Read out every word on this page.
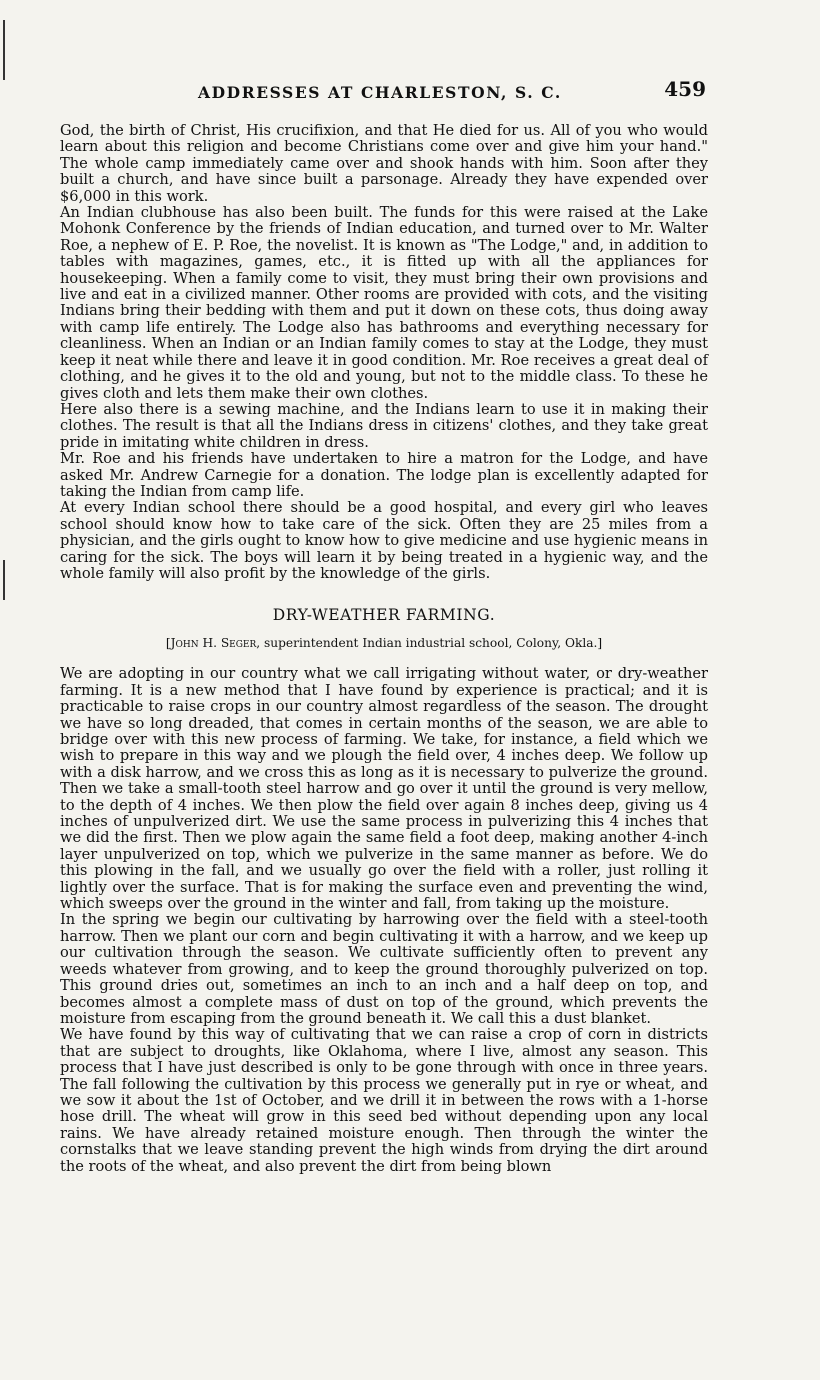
ADDRESSES AT CHARLESTON, S. C.	459

God, the birth of Christ, His crucifixion, and that He died for us. All of you who would learn about this religion and become Christians come over and give him your hand." The whole camp immediately came over and shook hands with him. Soon after they built a church, and have since built a parsonage. Already they have expended over $6,000 in this work.

An Indian clubhouse has also been built. The funds for this were raised at the Lake Mohonk Conference by the friends of Indian education, and turned over to Mr. Walter Roe, a nephew of E. P. Roe, the novelist. It is known as "The Lodge," and, in addition to tables with magazines, games, etc., it is fitted up with all the appliances for housekeeping. When a family come to visit, they must bring their own provisions and live and eat in a civilized manner. Other rooms are provided with cots, and the visiting Indians bring their bedding with them and put it down on these cots, thus doing away with camp life entirely. The Lodge also has bathrooms and everything necessary for cleanliness. When an Indian or an Indian family comes to stay at the Lodge, they must keep it neat while there and leave it in good condition. Mr. Roe receives a great deal of clothing, and he gives it to the old and young, but not to the middle class. To these he gives cloth and lets them make their own clothes.

Here also there is a sewing machine, and the Indians learn to use it in making their clothes. The result is that all the Indians dress in citizens' clothes, and they take great pride in imitating white children in dress.

Mr. Roe and his friends have undertaken to hire a matron for the Lodge, and have asked Mr. Andrew Carnegie for a donation. The lodge plan is excellently adapted for taking the Indian from camp life.

At every Indian school there should be a good hospital, and every girl who leaves school should know how to take care of the sick. Often they are 25 miles from a physician, and the girls ought to know how to give medicine and use hygienic means in caring for the sick. The boys will learn it by being treated in a hygienic way, and the whole family will also profit by the knowledge of the girls.

DRY-WEATHER FARMING.
[John H. Seger, superintendent Indian industrial school, Colony, Okla.]

We are adopting in our country what we call irrigating without water, or dry-weather farming. It is a new method that I have found by experience is practical; and it is practicable to raise crops in our country almost regardless of the season. The drought we have so long dreaded, that comes in certain months of the season, we are able to bridge over with this new process of farming. We take, for instance, a field which we wish to prepare in this way and we plough the field over, 4 inches deep. We follow up with a disk harrow, and we cross this as long as it is necessary to pulverize the ground. Then we take a small-tooth steel harrow and go over it until the ground is very mellow, to the depth of 4 inches. We then plow the field over again 8 inches deep, giving us 4 inches of unpulverized dirt. We use the same process in pulverizing this 4 inches that we did the first. Then we plow again the same field a foot deep, making another 4-inch layer unpulverized on top, which we pulverize in the same manner as before. We do this plowing in the fall, and we usually go over the field with a roller, just rolling it lightly over the surface. That is for making the surface even and preventing the wind, which sweeps over the ground in the winter and fall, from taking up the moisture.

In the spring we begin our cultivating by harrowing over the field with a steel-tooth harrow. Then we plant our corn and begin cultivating it with a harrow, and we keep up our cultivation through the season. We cultivate sufficiently often to prevent any weeds whatever from growing, and to keep the ground thoroughly pulverized on top. This ground dries out, sometimes an inch to an inch and a half deep on top, and becomes almost a complete mass of dust on top of the ground, which prevents the moisture from escaping from the ground beneath it. We call this a dust blanket.

We have found by this way of cultivating that we can raise a crop of corn in districts that are subject to droughts, like Oklahoma, where I live, almost any season. This process that I have just described is only to be gone through with once in three years. The fall following the cultivation by this process we generally put in rye or wheat, and we sow it about the 1st of October, and we drill it in between the rows with a 1-horse hose drill. The wheat will grow in this seed bed without depending upon any local rains. We have already retained moisture enough. Then through the winter the cornstalks that we leave standing prevent the high winds from drying the dirt around the roots of the wheat, and also prevent the dirt from being blown
